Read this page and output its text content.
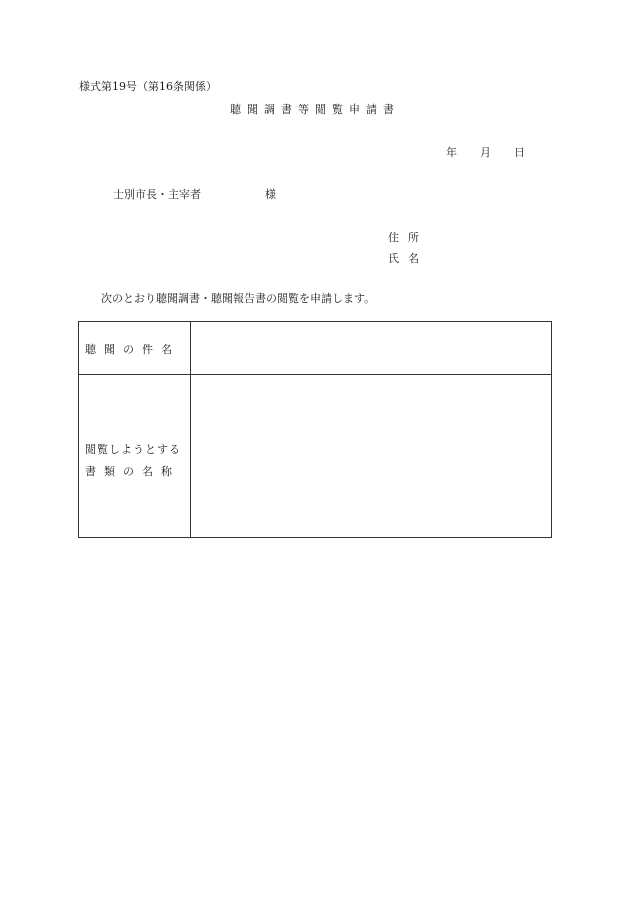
様式第19号（第16条関係）
聴聞調書等閲覧申請書
年 月 日
士別市長・主宰者	様
住所
氏名
次のとおり聴聞調書・聴聞報告書の閲覧を申請します。
聴聞の件名
閲覧しようとする
書類の名称
